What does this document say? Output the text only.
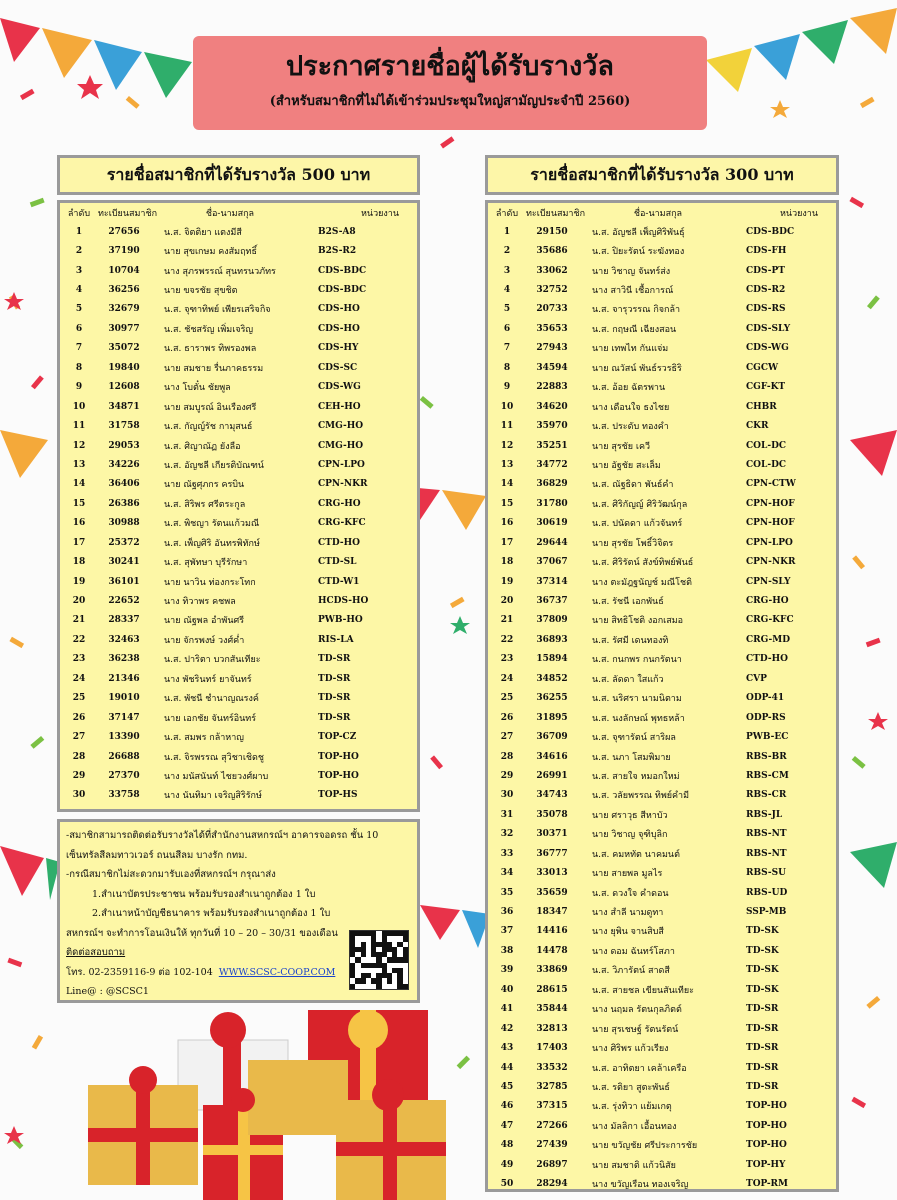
ประกาศรายชื่อผู้ได้รับรางวัล
(สำหรับสมาชิกที่ไม่ได้เข้าร่วมประชุมใหญ่สามัญประจำปี 2560)
รายชื่อสมาชิกที่ได้รับรางวัล 500 บาท	รายชื่อสมาชิกที่ได้รับรางวัล 300 บาท
ลำดับ ทะเบียนสมาชิก	ชื่อ-นามสกุล	หน่วยงาน
1	27656	น.ส. จิตติยา แตงมีสี	B2S-A8
2	37190	นาย สุขเกษม คงสัมฤทธิ์	B2S-R2
3	10704	นาง สุภรพรรณ์ สุนทรนวภัทร	CDS-BDC
4	36256	นาย ขจรชัย สุขชิต	CDS-BDC
5	32679	น.ส. จุฑาทิพย์ เพียรเสริจกิจ	CDS-HO
6	30977	น.ส. ชัชสรัญ เพิ่มเจริญ	CDS-HO
7	35072	น.ส. ธาราพร ทิพรองพล	CDS-HY
8	19840	นาย สมชาย รื่นภาคธรรม	CDS-SC
9	12608	นาง โบตั๋น ชัยพูล	CDS-WG
10	34871	นาย สมบูรณ์ อินเรืองศรี	CEH-HO
11	31758	น.ส. กัญญ์รัช กามุสนธ์	CMG-HO
12	29053	น.ส. ศิญาณัฏ ยังลือ	CMG-HO
13	34226	น.ส. อัญชลี เกียรติบัณฑน์	CPN-LPO
14	36406	นาย ณัฐศุภกร ครบิน	CPN-NKR
15	26386	น.ส. สิริพร ศรีตระกูล	CRG-HO
16	30988	น.ส. พิชญา รัตนแก้วมณี	CRG-KFC
17	25372	น.ส. เพ็ญศิริ อันทรพิทักษ์	CTD-HO
18	30241	น.ส. สุพัทษา บุรีรักษา	CTD-SL
19	36101	นาย นาวิน ท่องกระโทก	CTD-W1
20	22652	นาง ทิวาพร คชพล	HCDS-HO
21	28337	นาย ณัฐพล อำพันศรี	PWB-HO
22	32463	นาย จักรพงษ์ วงศ์ค่ำ	RIS-LA
23	36238	น.ส. ปาริตา บวกสันเทียะ	TD-SR
24	21346	นาง พัชรินทร์ ยาจันทร์	TD-SR
25	19010	น.ส. พัชนี ชำนาญณรงค์	TD-SR
26	37147	นาย เอกชัย จันทร์อินทร์	TD-SR
27	13390	น.ส. สมพร กล้าหาญ	TOP-CZ
28	26688	น.ส. จิรพรรณ สุวิชาเชิดชู	TOP-HO
29	27370	นาง มนัสนันท์ ไชยวงศ์ผาบ	TOP-HO
30	33758	นาง นันทิมา เจริญสิริรักษ์	TOP-HS
ลำดับ ทะเบียนสมาชิก	ชื่อ-นามสกุล	หน่วยงาน
1	29150	น.ส. อัญชลี เพ็ญศิริพันธุ์	CDS-BDC
2	35686	น.ส. ปิยะรัตน์ ระฆังทอง	CDS-FH
3	33062	นาย วิชาญ จันทร์ส่ง	CDS-PT
4	32752	นาง สาวินี เชื้อการณ์	CDS-R2
5	20733	น.ส. จารุวรรณ กิจกล้า	CDS-RS
6	35653	น.ส. กฤษณี เฉียงสอน	CDS-SLY
7	27943	นาย เทพไท กันแจ่ม	CDS-WG
8	34594	นาย ณวัสน์ พันธ์รวรธิริ	CGCW
9	22883	น.ส. อ้อย ฉัตรพาน	CGF-KT
10	34620	นาง เดือนใจ ธงไชย	CHBR
11	35970	น.ส. ประดับ ทองคำ	CKR
12	35251	นาย สุรชัย เควี	COL-DC
13	34772	นาย อัฐชัย สะเล็ม	COL-DC
14	36829	น.ส. ณัฐธิดา พันธ์คำ	CPN-CTW
15	31780	น.ส. ศิริกัญญ์ ศิริวัฒน์กุล	CPN-HOF
16	30619	น.ส. ปนัดดา แก้วจันทร์	CPN-HOF
17	29644	นาย สุรชัย โพธิ์วิจิตร	CPN-LPO
18	37067	น.ส. ศิริรัตน์ สังข์ทิพย์พันธ์	CPN-NKR
19	37314	นาง ตะมัฎฐนัญช์ มณีโชติ	CPN-SLY
20	36737	น.ส. รัชนี เอกพันธ์	CRG-HO
21	37809	นาย สิทธิโชติ งอกเสมอ	CRG-KFC
22	36893	น.ส. รัศมี เดนทองทิ	CRG-MD
23	15894	น.ส. กนกพร กนกรัตนา	CTD-HO
24	34852	น.ส. ลัดดา ใสแก้ว	CVP
25	36255	น.ส. นริศรา นามนิตาม	ODP-41
26	31895	น.ส. นงลักษณ์ พุทธหล้า	ODP-RS
27	36709	น.ส. จุฑารัตน์ สาริผล	PWB-EC
28	34616	น.ส. นภา โสมพิมาย	RBS-BR
29	26991	น.ส. สายใจ หมอกใหม่	RBS-CM
30	34743	น.ส. วลัยพรรณ ทิพย์คำมี	RBS-CR
31	35078	นาย ศราวุธ สีหาบัว	RBS-JL
32	30371	นาย วิชาญ จุฑิบุลิก	RBS-NT
33	36777	น.ส. คมหทัต นาคมนต์	RBS-NT
34	33013	นาย สายพล มูลไร	RBS-SU
35	35659	น.ส. ดวงใจ คำดอน	RBS-UD
36	18347	นาง สำลี นามดูทา	SSP-MB
37	14416	นาง ยุพิน จานสิบสี	TD-SK
38	14478	นาง ดอม ฉันทร์โสภา	TD-SK
39	33869	น.ส. วิภารัตน์ สาดสี	TD-SK
40	28615	น.ส. สายชล เขียนสันเทียะ	TD-SK
41	35844	นาง นฤมล รัตนกุลภิตต์	TD-SR
42	32813	นาย สุรเชษฐ์ รัตนรัตน์	TD-SR
43	17403	นาง ศิริพร แก้วเรียง	TD-SR
44	33532	น.ส. อาทิตยา เคล้าเครือ	TD-SR
45	32785	น.ส. รติยา สูตะพันธ์	TD-SR
46	37315	น.ส. รุ่งทิวา แย้มเกตุ	TOP-HO
47	27266	นาง มัลลิกา เอื้อนทอง	TOP-HO
48	27439	นาย ขวัญชัย ศรีประการชัย	TOP-HO
49	26897	นาย สมชาติ แก้วนิสัย	TOP-HY
50	28294	นาง ขวัญเรือน ทองเจริญ	TOP-RM

-สมาชิกสามารถติดต่อรับรางวัลได้ที่สำนักงานสหกรณ์ฯ อาคารจอดรถ ชั้น 10

เซ็นทรัลสีลมทาวเวอร์ ถนนสีลม บางรัก กทม.

-กรณีสมาชิกไม่สะดวกมารับเองที่สหกรณ์ฯ กรุณาส่ง

1.สำเนาบัตรประชาชน พร้อมรับรองสำเนาถูกต้อง 1 ใบ

2.สำเนาหน้าบัญชีธนาคาร พร้อมรับรองสำเนาถูกต้อง 1 ใบ

สหกรณ์ฯ จะทำการโอนเงินให้ ทุกวันที่ 10 – 20 – 30/31 ของเดือน

ติดต่อสอบถาม

โทร. 02-2359116-9 ต่อ 102-104 WWW.SCSC-COOP.COM

Line@ : @SCSC1
